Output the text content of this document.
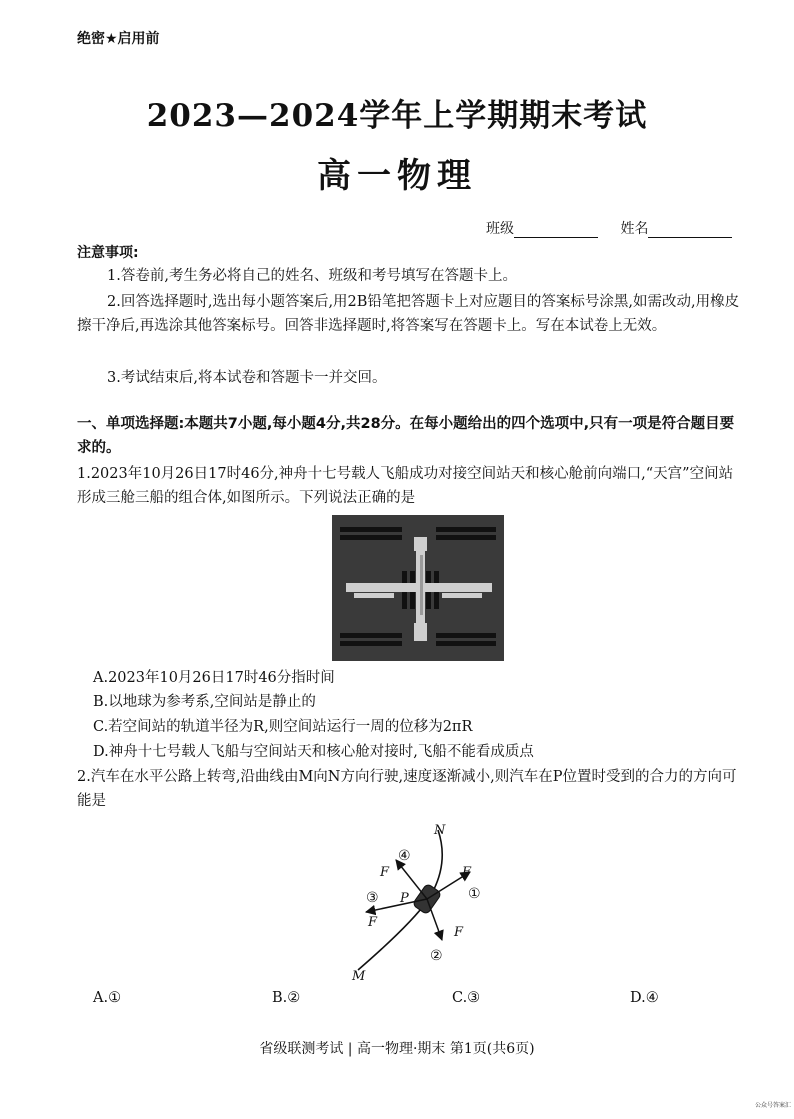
绝密★启用前
2023—2024学年上学期期末考试
高一物理
班级	姓名
注意事项:
1.答卷前,考生务必将自己的姓名、班级和考号填写在答题卡上。
2.回答选择题时,选出每小题答案后,用2B铅笔把答题卡上对应题目的答案标号涂黑,如需改动,用橡皮擦干净后,再选涂其他答案标号。回答非选择题时,将答案写在答题卡上。写在本试卷上无效。
3.考试结束后,将本试卷和答题卡一并交回。
一、单项选择题:本题共7小题,每小题4分,共28分。在每小题给出的四个选项中,只有一项是符合题目要求的。
1.2023年10月26日17时46分,神舟十七号载人飞船成功对接空间站天和核心舱前向端口,“天宫”空间站形成三舱三船的组合体,如图所示。下列说法正确的是
A.2023年10月26日17时46分指时间
B.以地球为参考系,空间站是静止的
C.若空间站的轨道半径为R,则空间站运行一周的位移为2πR
D.神舟十七号载人飞船与空间站天和核心舱对接时,飞船不能看成质点
2.汽车在水平公路上转弯,沿曲线由M向N方向行驶,速度逐渐减小,则汽车在P位置时受到的合力的方向可能是
N
M
P
F
F
F
F
①
②
③
④
A.①	B.②	C.③	D.④
省级联测考试 | 高一物理·期末 第1页(共6页)
公众号答案汇
